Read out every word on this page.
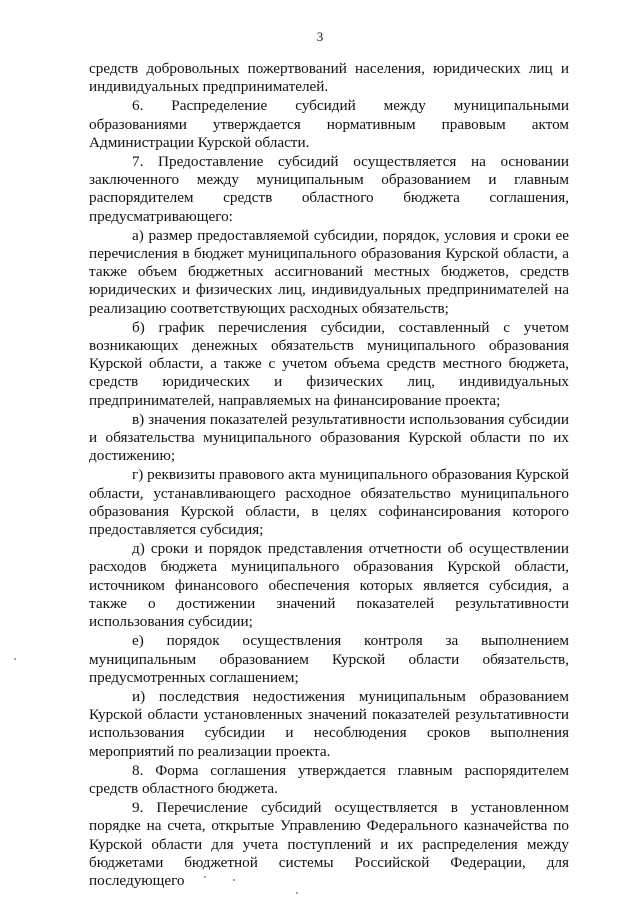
3

средств добровольных пожертвований населения, юридических лиц и индивидуальных предпринимателей.

6. Распределение субсидий между муниципальными образованиями утверждается нормативным правовым актом Администрации Курской области.

7. Предоставление субсидий осуществляется на основании заключенного между муниципальным образованием и главным распорядителем средств областного бюджета соглашения, предусматривающего:

а) размер предоставляемой субсидии, порядок, условия и сроки ее перечисления в бюджет муниципального образования Курской области, а также объем бюджетных ассигнований местных бюджетов, средств юридических и физических лиц, индивидуальных предпринимателей на реализацию соответствующих расходных обязательств;

б) график перечисления субсидии, составленный с учетом возникающих денежных обязательств муниципального образования Курской области, а также с учетом объема средств местного бюджета, средств юридических и физических лиц, индивидуальных предпринимателей, направляемых на финансирование проекта;

в) значения показателей результативности использования субсидии и обязательства муниципального образования Курской области по их достижению;

г) реквизиты правового акта муниципального образования Курской области, устанавливающего расходное обязательство муниципального образования Курской области, в целях софинансирования которого предоставляется субсидия;

д) сроки и порядок представления отчетности об осуществлении расходов бюджета муниципального образования Курской области, источником финансового обеспечения которых является субсидия, а также о достижении значений показателей результативности использования субсидии;

е) порядок осуществления контроля за выполнением муниципальным образованием Курской области обязательств, предусмотренных соглашением;

и) последствия недостижения муниципальным образованием Курской области установленных значений показателей результативности использования субсидии и несоблюдения сроков выполнения мероприятий по реализации проекта.

8. Форма соглашения утверждается главным распорядителем средств областного бюджета.

9. Перечисление субсидий осуществляется в установленном порядке на счета, открытые Управлению Федерального казначейства по Курской области для учета поступлений и их распределения между бюджетами бюджетной системы Российской Федерации, для последующего
